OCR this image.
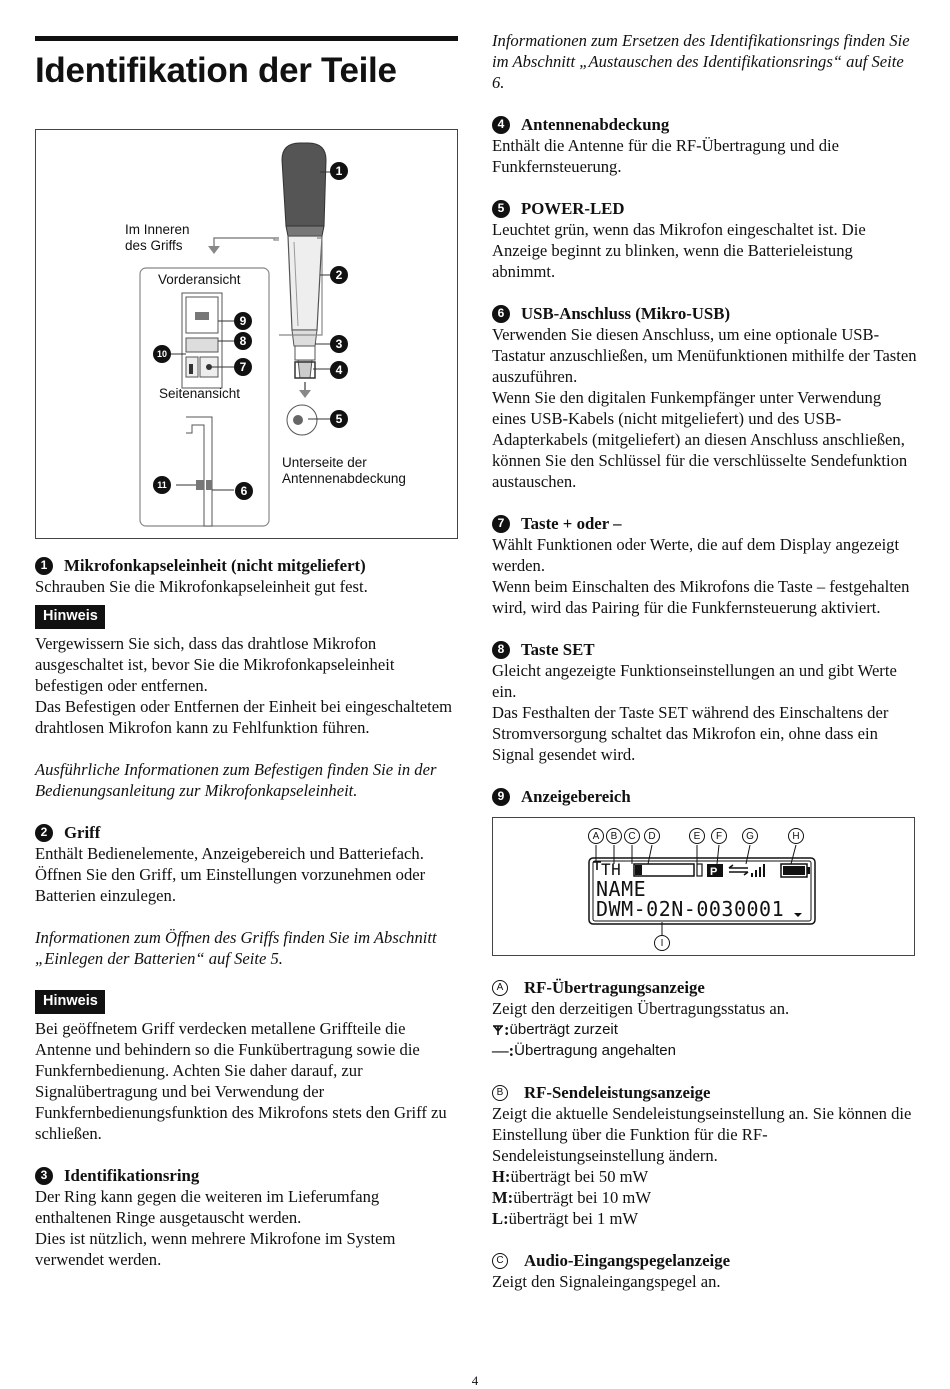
Identifikation der Teile
1
2
3
4
5
6
7
8
9
10
11
Im Inneren
des Griffs
Vorderansicht
Seitenansicht
Unterseite der
Antennenabdeckung
1 Mikrofonkapseleinheit (nicht mitgeliefert)

Schrauben Sie die Mikrofonkapseleinheit gut fest.

Hinweis

Vergewissern Sie sich, dass das drahtlose Mikrofon ausgeschaltet ist, bevor Sie die Mikrofonkapseleinheit befestigen oder entfernen.
Das Befestigen oder Entfernen der Einheit bei eingeschaltetem drahtlosen Mikrofon kann zu Fehlfunktion führen.

Ausführliche Informationen zum Befestigen finden Sie in der Bedienungsanleitung zur Mikrofonkapseleinheit.

2 Griff

Enthält Bedienelemente, Anzeigebereich und Batteriefach.
Öffnen Sie den Griff, um Einstellungen vorzunehmen oder Batterien einzulegen.

Informationen zum Öffnen des Griffs finden Sie im Abschnitt „Einlegen der Batterien“ auf Seite 5.

Hinweis

Bei geöffnetem Griff verdecken metallene Griffteile die Antenne und behindern so die Funkübertragung sowie die Funkfernbedienung. Achten Sie daher darauf, zur Signalübertragung und bei Verwendung der Funkfernbedienungsfunktion des Mikrofons stets den Griff zu schließen.

3 Identifikationsring

Der Ring kann gegen die weiteren im Lieferumfang enthaltenen Ringe ausgetauscht werden.
Dies ist nützlich, wenn mehrere Mikrofone im System verwendet werden.

Informationen zum Ersetzen des Identifikationsrings finden Sie im Abschnitt „Austauschen des Identifikationsrings“ auf Seite 6.

4 Antennenabdeckung

Enthält die Antenne für die RF-Übertragung und die Funkfernsteuerung.

5 POWER-LED

Leuchtet grün, wenn das Mikrofon eingeschaltet ist. Die Anzeige beginnt zu blinken, wenn die Batterieleistung abnimmt.

6 USB-Anschluss (Mikro-USB)

Verwenden Sie diesen Anschluss, um eine optionale USB-Tastatur anzuschließen, um Menüfunktionen mithilfe der Tasten auszuführen.
Wenn Sie den digitalen Funkempfänger unter Verwendung eines USB-Kabels (nicht mitgeliefert) und des USB-Adapterkabels (mitgeliefert) an diesen Anschluss anschließen, können Sie den Schlüssel für die verschlüsselte Sendefunktion austauschen.

7 Taste + oder –

Wählt Funktionen oder Werte, die auf dem Display angezeigt werden.
Wenn beim Einschalten des Mikrofons die Taste – festgehalten wird, wird das Pairing für die Funkfernsteuerung aktiviert.

8 Taste SET

Gleicht angezeigte Funktionseinstellungen an und gibt Werte ein.
Das Festhalten der Taste SET während des Einschaltens der Stromversorgung schaltet das Mikrofon ein, ohne dass ein Signal gesendet wird.

9 Anzeigebereich
A	B	C	D	E	F	G	H
I
P
TH
NAME
DWM-02N-0030001
A RF-Übertragungsanzeige

Zeigt den derzeitigen Übertragungsstatus an.

: überträgt zurzeit
—: Übertragung angehalten
B RF-Sendeleistungsanzeige

Zeigt die aktuelle Sendeleistungseinstellung an. Sie können die Einstellung über die Funktion für die RF-Sendeleistungseinstellung ändern.

H: überträgt bei 50 mW
M: überträgt bei 10 mW
L: überträgt bei 1 mW
C Audio-Eingangspegelanzeige

Zeigt den Signaleingangspegel an.

4
